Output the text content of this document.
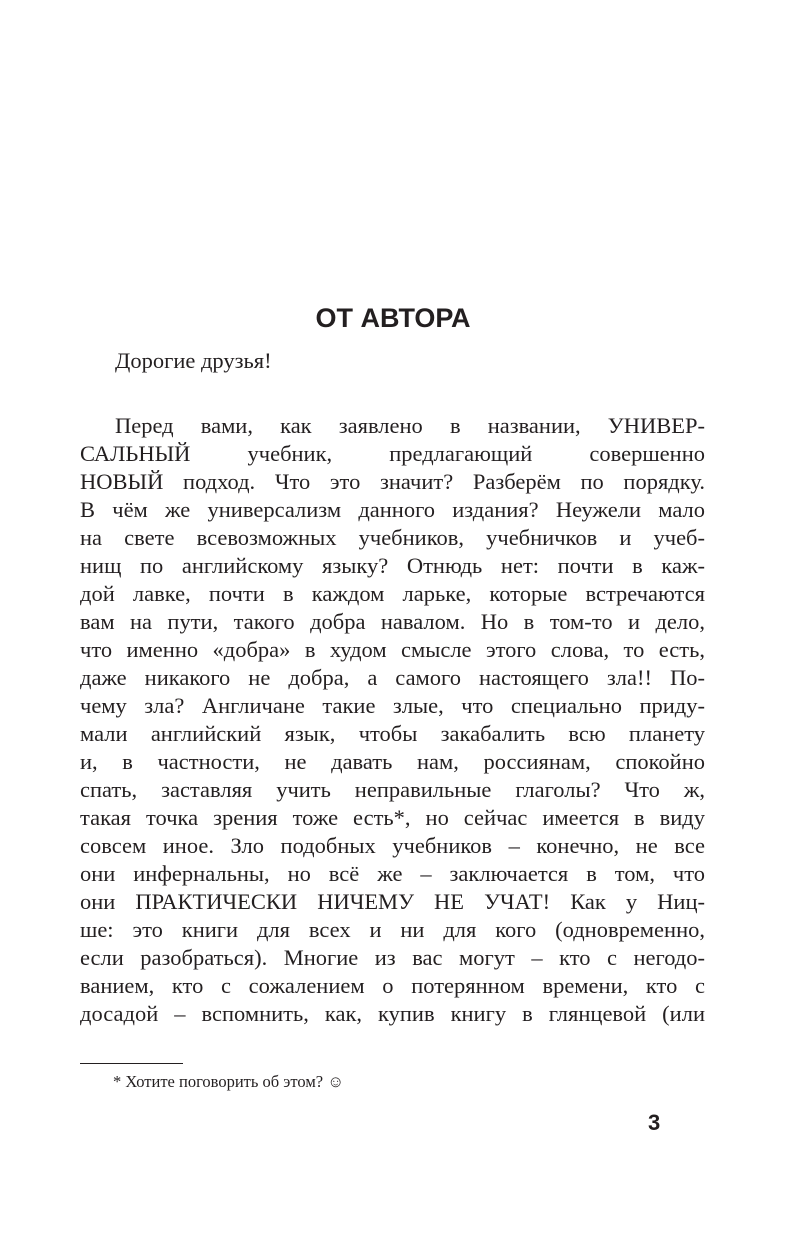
ОТ АВТОРА
Дорогие друзья!
Перед вами, как заявлено в названии, УНИВЕР-
САЛЬНЫЙ учебник, предлагающий совершенно
НОВЫЙ подход. Что это значит? Разберём по порядку.
В чём же универсализм данного издания? Неужели мало
на свете всевозможных учебников, учебничков и учеб-
нищ по английскому языку? Отнюдь нет: почти в каж-
дой лавке, почти в каждом ларьке, которые встречаются
вам на пути, такого добра навалом. Но в том-то и дело,
что именно «добра» в худом смысле этого слова, то есть,
даже никакого не добра, а самого настоящего зла!! По-
чему зла? Англичане такие злые, что специально приду-
мали английский язык, чтобы закабалить всю планету
и, в частности, не давать нам, россиянам, спокойно
спать, заставляя учить неправильные глаголы? Что ж,
такая точка зрения тоже есть*, но сейчас имеется в виду
совсем иное. Зло подобных учебников – конечно, не все
они инфернальны, но всё же – заключается в том, что
они ПРАКТИЧЕСКИ НИЧЕМУ НЕ УЧАТ! Как у Ниц-
ше: это книги для всех и ни для кого (одновременно,
если разобраться). Многие из вас могут – кто с негодо-
ванием, кто с сожалением о потерянном времени, кто с
досадой – вспомнить, как, купив книгу в глянцевой (или
* Хотите поговорить об этом? ☺
3
